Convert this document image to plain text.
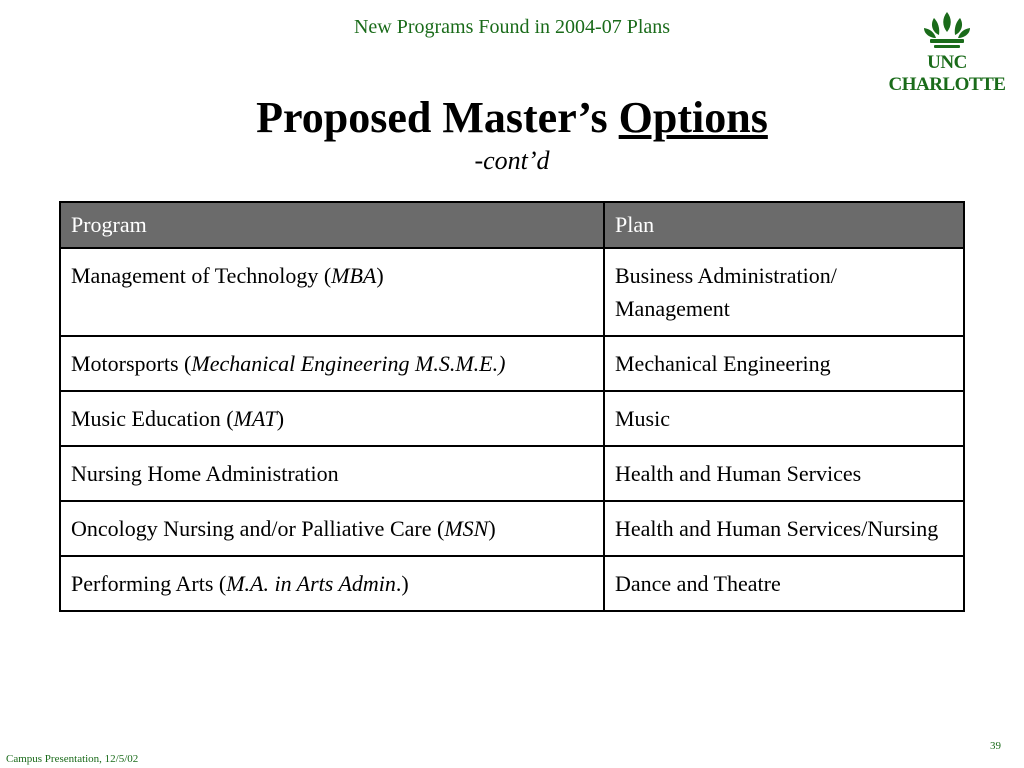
New Programs Found in 2004-07 Plans
UNC CHARLOTTE
Proposed Master’s Options
-cont’d
Program	Plan
Management of Technology (MBA)	Business Administration/ Management
Motorsports (Mechanical Engineering M.S.M.E.)	Mechanical Engineering
Music Education (MAT)	Music
Nursing Home Administration	Health and Human Services
Oncology Nursing and/or Palliative Care (MSN)	Health and Human Services/Nursing
Performing Arts (M.A. in Arts Admin.)	Dance and Theatre
Campus Presentation, 12/5/02
39
